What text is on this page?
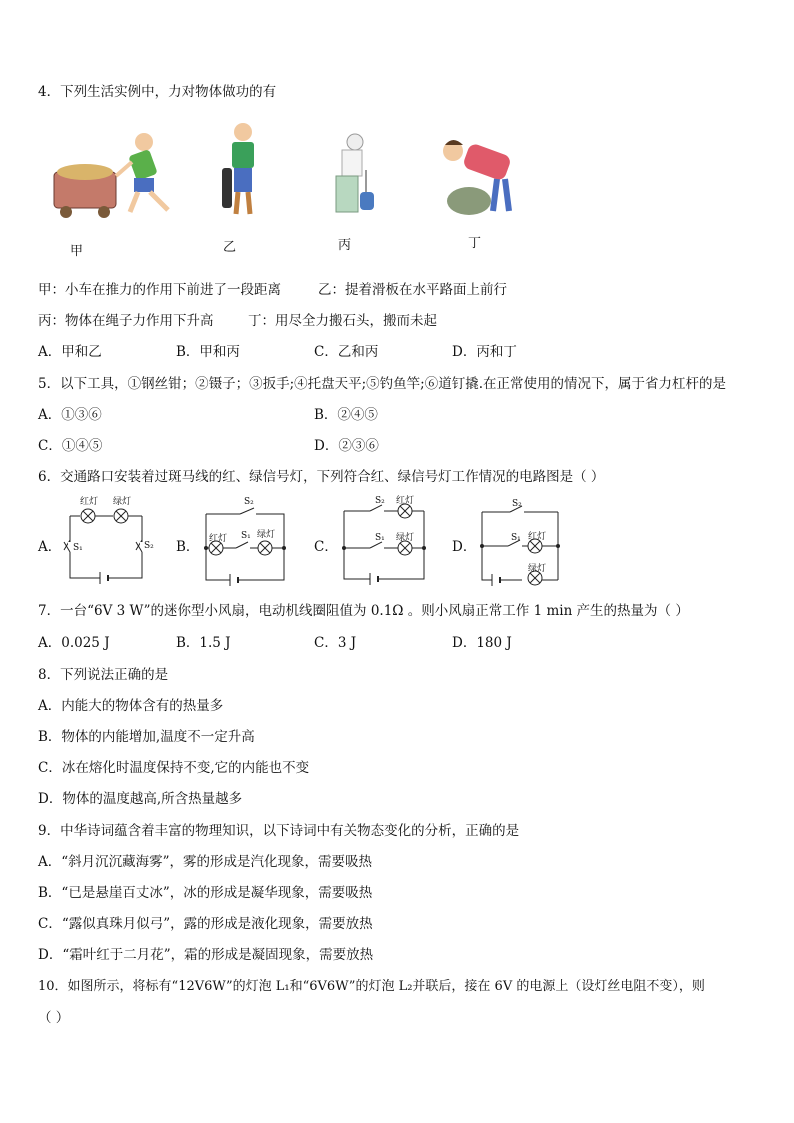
4．下列生活实例中，力对物体做功的有
甲	乙	丙	丁
甲：小车在推力的作用下前进了一段距离	乙：提着滑板在水平路面上前行
丙：物体在绳子力作用下升高	丁：用尽全力搬石头，搬而未起
A．甲和乙	B．甲和丙	C．乙和丙	D．丙和丁
5．以下工具，①钢丝钳；②镊子；③扳手;④托盘天平;⑤钓鱼竿;⑥道钉撬.在正常使用的情况下，属于省力杠杆的是
A．①③⑥	B．②④⑤
C．①④⑤	D．②③⑥
6．交通路口安装着过斑马线的红、绿信号灯，下列符合红、绿信号灯工作情况的电路图是（ ）
A．	B．	C．	D．
红灯 绿灯
S₁	S₂
S₂
红灯 S₁ 绿灯
S₂ 红灯
S₁ 绿灯
S₂
S₁ 红灯
绿灯
7．一台“6V 3 W”的迷你型小风扇，电动机线圈阻值为 0.1Ω 。则小风扇正常工作 1 min 产生的热量为（ ）
A．0.025 J	B．1.5 J	C．3 J	D．180 J
8．下列说法正确的是
A．内能大的物体含有的热量多
B．物体的内能增加,温度不一定升高
C．冰在熔化时温度保持不变,它的内能也不变
D．物体的温度越高,所含热量越多
9．中华诗词蕴含着丰富的物理知识，以下诗词中有关物态变化的分析，正确的是
A．“斜月沉沉藏海雾”，雾的形成是汽化现象，需要吸热
B．“已是悬崖百丈冰”，冰的形成是凝华现象，需要吸热
C．“露似真珠月似弓”，露的形成是液化现象，需要放热
D．“霜叶红于二月花”，霜的形成是凝固现象，需要放热
10．如图所示，将标有“12V6W”的灯泡 L₁和“6V6W”的灯泡 L₂并联后，接在 6V 的电源上（设灯丝电阻不变），则
（ ）
